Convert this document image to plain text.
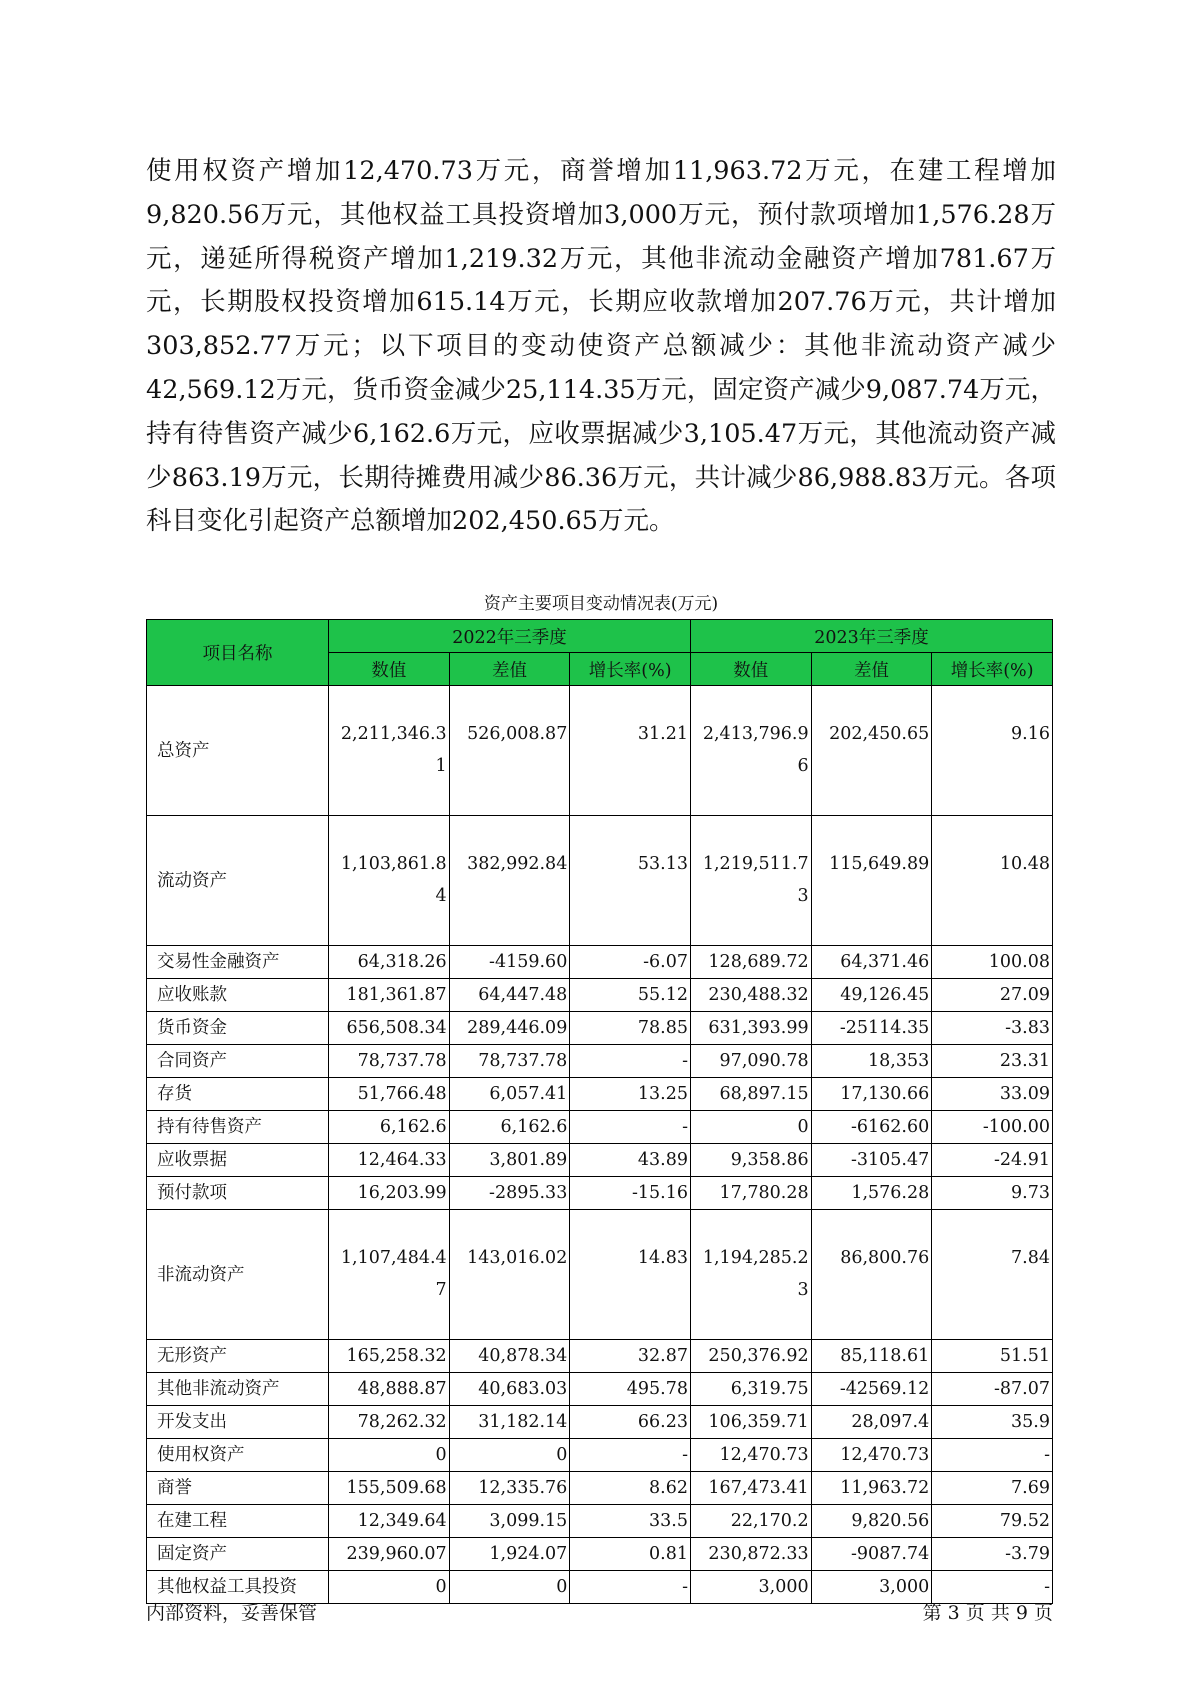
使用权资产增加12,470.73万元，商誉增加11,963.72万元，在建工程增加9,820.56万元，其他权益工具投资增加3,000万元，预付款项增加1,576.28万元，递延所得税资产增加1,219.32万元，其他非流动金融资产增加781.67万元，长期股权投资增加615.14万元，长期应收款增加207.76万元，共计增加303,852.77万元；以下项目的变动使资产总额减少：其他非流动资产减少42,569.12万元，货币资金减少25,114.35万元，固定资产减少9,087.74万元，持有待售资产减少6,162.6万元，应收票据减少3,105.47万元，其他流动资产减少863.19万元，长期待摊费用减少86.36万元，共计减少86,988.83万元。各项科目变化引起资产总额增加202,450.65万元。

资产主要项目变动情况表(万元)
项目名称	2022年三季度			2023年三季度		
	数值	差值	增长率(%)	数值	差值	增长率(%)
总资产	2,211,346.31	526,008.87	31.21	2,413,796.96	202,450.65	9.16
流动资产	1,103,861.84	382,992.84	53.13	1,219,511.73	115,649.89	10.48
交易性金融资产	64,318.26	-4159.60	-6.07	128,689.72	64,371.46	100.08
应收账款	181,361.87	64,447.48	55.12	230,488.32	49,126.45	27.09
货币资金	656,508.34	289,446.09	78.85	631,393.99	-25114.35	-3.83
合同资产	78,737.78	78,737.78	-	97,090.78	18,353	23.31
存货	51,766.48	6,057.41	13.25	68,897.15	17,130.66	33.09
持有待售资产	6,162.6	6,162.6	-	0	-6162.60	-100.00
应收票据	12,464.33	3,801.89	43.89	9,358.86	-3105.47	-24.91
预付款项	16,203.99	-2895.33	-15.16	17,780.28	1,576.28	9.73
非流动资产	1,107,484.47	143,016.02	14.83	1,194,285.23	86,800.76	7.84
无形资产	165,258.32	40,878.34	32.87	250,376.92	85,118.61	51.51
其他非流动资产	48,888.87	40,683.03	495.78	6,319.75	-42569.12	-87.07
开发支出	78,262.32	31,182.14	66.23	106,359.71	28,097.4	35.9
使用权资产	0	0	-	12,470.73	12,470.73	-
商誉	155,509.68	12,335.76	8.62	167,473.41	11,963.72	7.69
在建工程	12,349.64	3,099.15	33.5	22,170.2	9,820.56	79.52
固定资产	239,960.07	1,924.07	0.81	230,872.33	-9087.74	-3.79
其他权益工具投资	0	0	-	3,000	3,000	-
内部资料，妥善保管	第 3 页 共 9 页
